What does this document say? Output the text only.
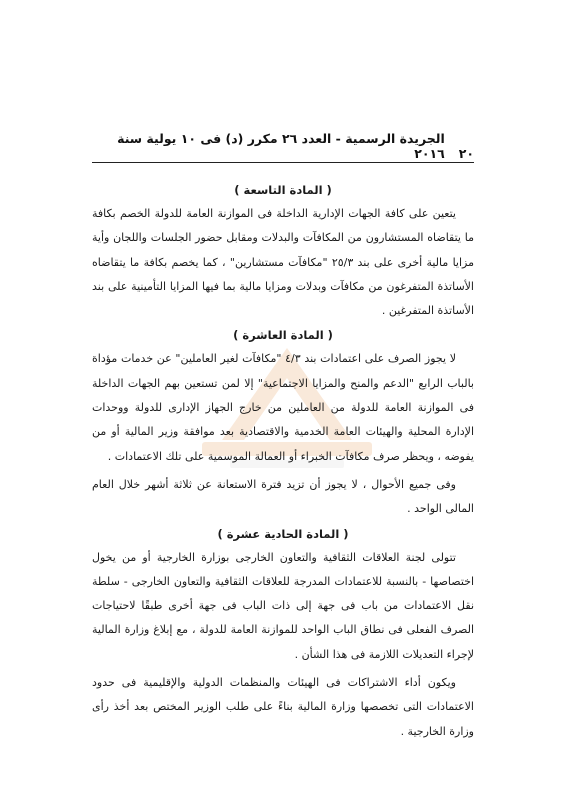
٢٠
الجريدة الرسمية - العدد ٢٦ مكرر (د) فى ١٠ يولية سنة ٢٠١٦
( المادة التاسعة )

يتعين على كافة الجهات الإدارية الداخلة فى الموازنة العامة للدولة الخصم بكافة ما يتقاضاه المستشارون من المكافآت والبدلات ومقابل حضور الجلسات واللجان وأية مزايا مالية أخرى على بند ٢٥/٣ "مكافآت مستشارين" ، كما يخصم بكافة ما يتقاضاه الأساتذة المتفرغون من مكافآت وبدلات ومزايا مالية بما فيها المزايا التأمينية على بند الأساتذة المتفرغين .

( المادة العاشرة )

لا يجوز الصرف على اعتمادات بند ٤/٣ "مكافآت لغير العاملين" عن خدمات مؤداة بالباب الرابع "الدعم والمنح والمزايا الاجتماعية" إلا لمن تستعين بهم الجهات الداخلة فى الموازنة العامة للدولة من العاملين من خارج الجهاز الإدارى للدولة ووحدات الإدارة المحلية والهيئات العامة الخدمية والاقتصادية بعد موافقة وزير المالية أو من يفوضه ، ويحظر صرف مكافآت الخبراء أو العمالة الموسمية على تلك الاعتمادات .

وفى جميع الأحوال ، لا يجوز أن تزيد فترة الاستعانة عن ثلاثة أشهر خلال العام المالى الواحد .

( المادة الحادية عشرة )

تتولى لجنة العلاقات الثقافية والتعاون الخارجى بوزارة الخارجية أو من يخول اختصاصها - بالنسبة للاعتمادات المدرجة للعلاقات الثقافية والتعاون الخارجى - سلطة نقل الاعتمادات من باب فى جهة إلى ذات الباب فى جهة أخرى طبقًا لاحتياجات الصرف الفعلى فى نطاق الباب الواحد للموازنة العامة للدولة ، مع إبلاغ وزارة المالية لإجراء التعديلات اللازمة فى هذا الشأن .

ويكون أداء الاشتراكات فى الهيئات والمنظمات الدولية والإقليمية فى حدود الاعتمادات التى تخصصها وزارة المالية بناءً على طلب الوزير المختص بعد أخذ رأى وزارة الخارجية .
